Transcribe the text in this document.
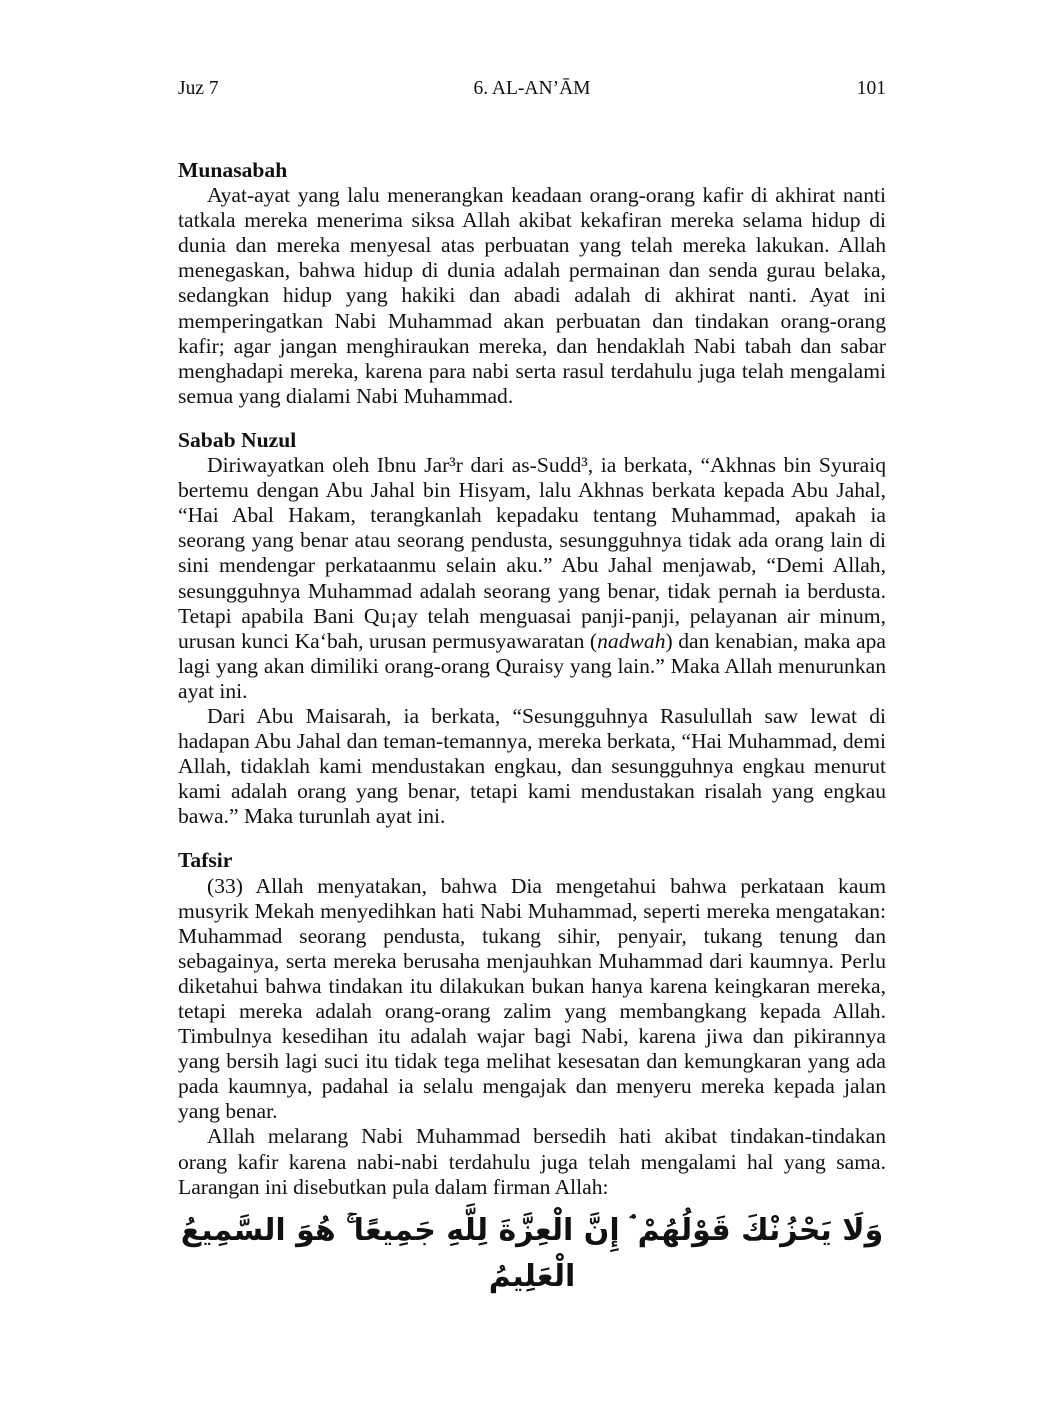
Juz 7	6. AL-AN’ĀM	101

Munasabah

Ayat-ayat yang lalu menerangkan keadaan orang-orang kafir di akhirat nanti tatkala mereka menerima siksa Allah akibat kekafiran mereka selama hidup di dunia dan mereka menyesal atas perbuatan yang telah mereka lakukan. Allah menegaskan, bahwa hidup di dunia adalah permainan dan senda gurau belaka, sedangkan hidup yang hakiki dan abadi adalah di akhirat nanti. Ayat ini memperingatkan Nabi Muhammad akan perbuatan dan tindakan orang-orang kafir; agar jangan menghiraukan mereka, dan hendaklah Nabi tabah dan sabar menghadapi mereka, karena para nabi serta rasul terdahulu juga telah mengalami semua yang dialami Nabi Muhammad.

Sabab Nuzul

Diriwayatkan oleh Ibnu Jar³r dari as-Sudd³, ia berkata, “Akhnas bin Syuraiq bertemu dengan Abu Jahal bin Hisyam, lalu Akhnas berkata kepada Abu Jahal, “Hai Abal Hakam, terangkanlah kepadaku tentang Muhammad, apakah ia seorang yang benar atau seorang pendusta, sesungguhnya tidak ada orang lain di sini mendengar perkataanmu selain aku.” Abu Jahal menjawab, “Demi Allah, sesungguhnya Muhammad adalah seorang yang benar, tidak pernah ia berdusta. Tetapi apabila Bani Qu¡ay telah menguasai panji-panji, pelayanan air minum, urusan kunci Ka‘bah, urusan permusyawaratan (nadwah) dan kenabian, maka apa lagi yang akan dimiliki orang-orang Quraisy yang lain.” Maka Allah menurunkan ayat ini.

Dari Abu Maisarah, ia berkata, “Sesungguhnya Rasulullah saw lewat di hadapan Abu Jahal dan teman-temannya, mereka berkata, “Hai Muhammad, demi Allah, tidaklah kami mendustakan engkau, dan sesungguhnya engkau menurut kami adalah orang yang benar, tetapi kami mendustakan risalah yang engkau bawa.” Maka turunlah ayat ini.

Tafsir

(33) Allah menyatakan, bahwa Dia mengetahui bahwa perkataan kaum musyrik Mekah menyedihkan hati Nabi Muhammad, seperti mereka mengatakan: Muhammad seorang pendusta, tukang sihir, penyair, tukang tenung dan sebagainya, serta mereka berusaha menjauhkan Muhammad dari kaumnya. Perlu diketahui bahwa tindakan itu dilakukan bukan hanya karena keingkaran mereka, tetapi mereka adalah orang-orang zalim yang membangkang kepada Allah. Timbulnya kesedihan itu adalah wajar bagi Nabi, karena jiwa dan pikirannya yang bersih lagi suci itu tidak tega melihat kesesatan dan kemungkaran yang ada pada kaumnya, padahal ia selalu mengajak dan menyeru mereka kepada jalan yang benar.

Allah melarang Nabi Muhammad bersedih hati akibat tindakan-tindakan orang kafir karena nabi-nabi terdahulu juga telah mengalami hal yang sama. Larangan ini disebutkan pula dalam firman Allah:

وَلَا يَحْزُنْكَ قَوْلُهُمْ ۘ إِنَّ الْعِزَّةَ لِلَّهِ جَمِيعًا ۚ هُوَ السَّمِيعُ الْعَلِيمُ
